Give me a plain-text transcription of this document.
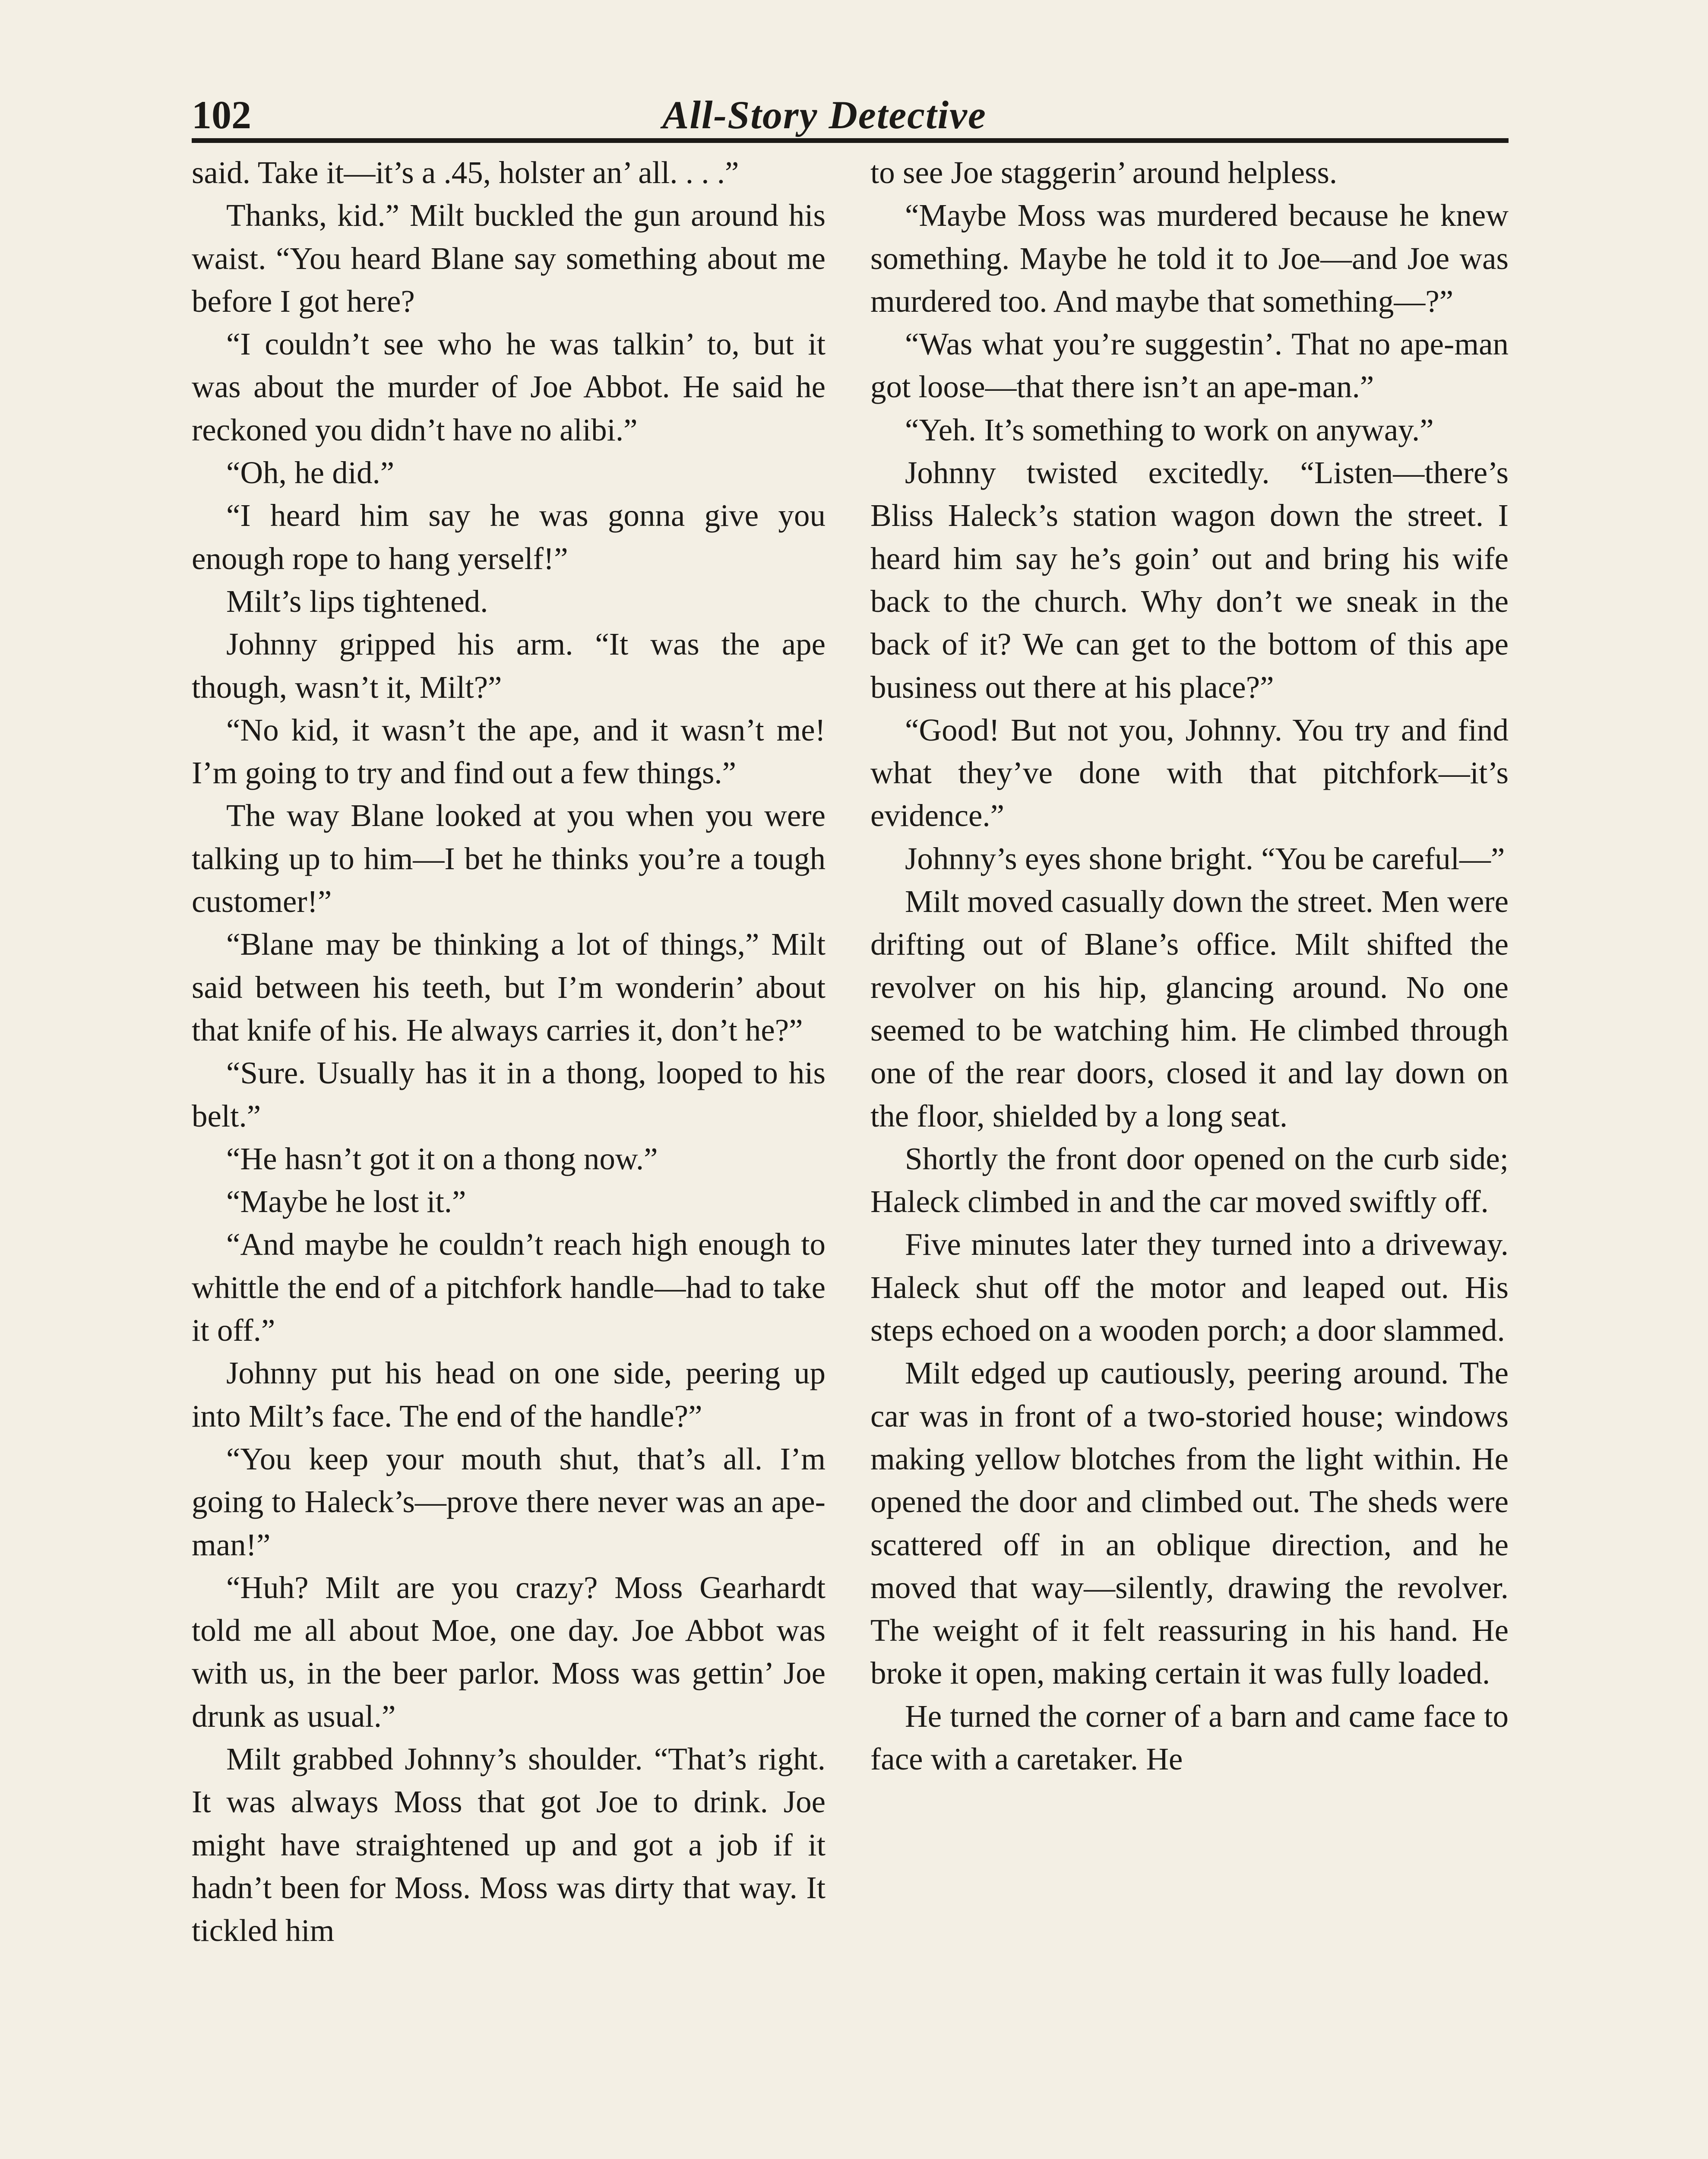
102	All-Story Detective

said. Take it—it’s a .45, holster an’ all. . . .”

Thanks, kid.” Milt buckled the gun around his waist. “You heard Blane say something about me before I got here?

“I couldn’t see who he was talkin’ to, but it was about the murder of Joe Abbot. He said he reckoned you didn’t have no alibi.”

“Oh, he did.”

“I heard him say he was gonna give you enough rope to hang yerself!”

Milt’s lips tightened.

Johnny gripped his arm. “It was the ape though, wasn’t it, Milt?”

“No kid, it wasn’t the ape, and it wasn’t me! I’m going to try and find out a few things.”

The way Blane looked at you when you were talking up to him—I bet he thinks you’re a tough customer!”

“Blane may be thinking a lot of things,” Milt said between his teeth, but I’m wonderin’ about that knife of his. He always carries it, don’t he?”

“Sure. Usually has it in a thong, looped to his belt.”

“He hasn’t got it on a thong now.”

“Maybe he lost it.”

“And maybe he couldn’t reach high enough to whittle the end of a pitchfork handle—had to take it off.”

Johnny put his head on one side, peering up into Milt’s face. The end of the handle?”

“You keep your mouth shut, that’s all. I’m going to Haleck’s—prove there never was an ape-man!”

“Huh? Milt are you crazy? Moss Gearhardt told me all about Moe, one day. Joe Abbot was with us, in the beer parlor. Moss was gettin’ Joe drunk as usual.”

Milt grabbed Johnny’s shoulder. “That’s right. It was always Moss that got Joe to drink. Joe might have straightened up and got a job if it hadn’t been for Moss. Moss was dirty that way. It tickled him

to see Joe staggerin’ around helpless.

“Maybe Moss was murdered because he knew something. Maybe he told it to Joe—and Joe was murdered too. And maybe that something—?”

“Was what you’re suggestin’. That no ape-man got loose—that there isn’t an ape-man.”

“Yeh. It’s something to work on anyway.”

Johnny twisted excitedly. “Listen—there’s Bliss Haleck’s station wagon down the street. I heard him say he’s goin’ out and bring his wife back to the church. Why don’t we sneak in the back of it? We can get to the bottom of this ape business out there at his place?”

“Good! But not you, Johnny. You try and find what they’ve done with that pitchfork—it’s evidence.”

Johnny’s eyes shone bright. “You be careful—”

Milt moved casually down the street. Men were drifting out of Blane’s office. Milt shifted the revolver on his hip, glancing around. No one seemed to be watching him. He climbed through one of the rear doors, closed it and lay down on the floor, shielded by a long seat.

Shortly the front door opened on the curb side; Haleck climbed in and the car moved swiftly off.

Five minutes later they turned into a driveway. Haleck shut off the motor and leaped out. His steps echoed on a wooden porch; a door slammed.

Milt edged up cautiously, peering around. The car was in front of a two-storied house; windows making yellow blotches from the light within. He opened the door and climbed out. The sheds were scattered off in an oblique direction, and he moved that way—silently, drawing the revolver. The weight of it felt reassuring in his hand. He broke it open, making certain it was fully loaded.

He turned the corner of a barn and came face to face with a caretaker. He
